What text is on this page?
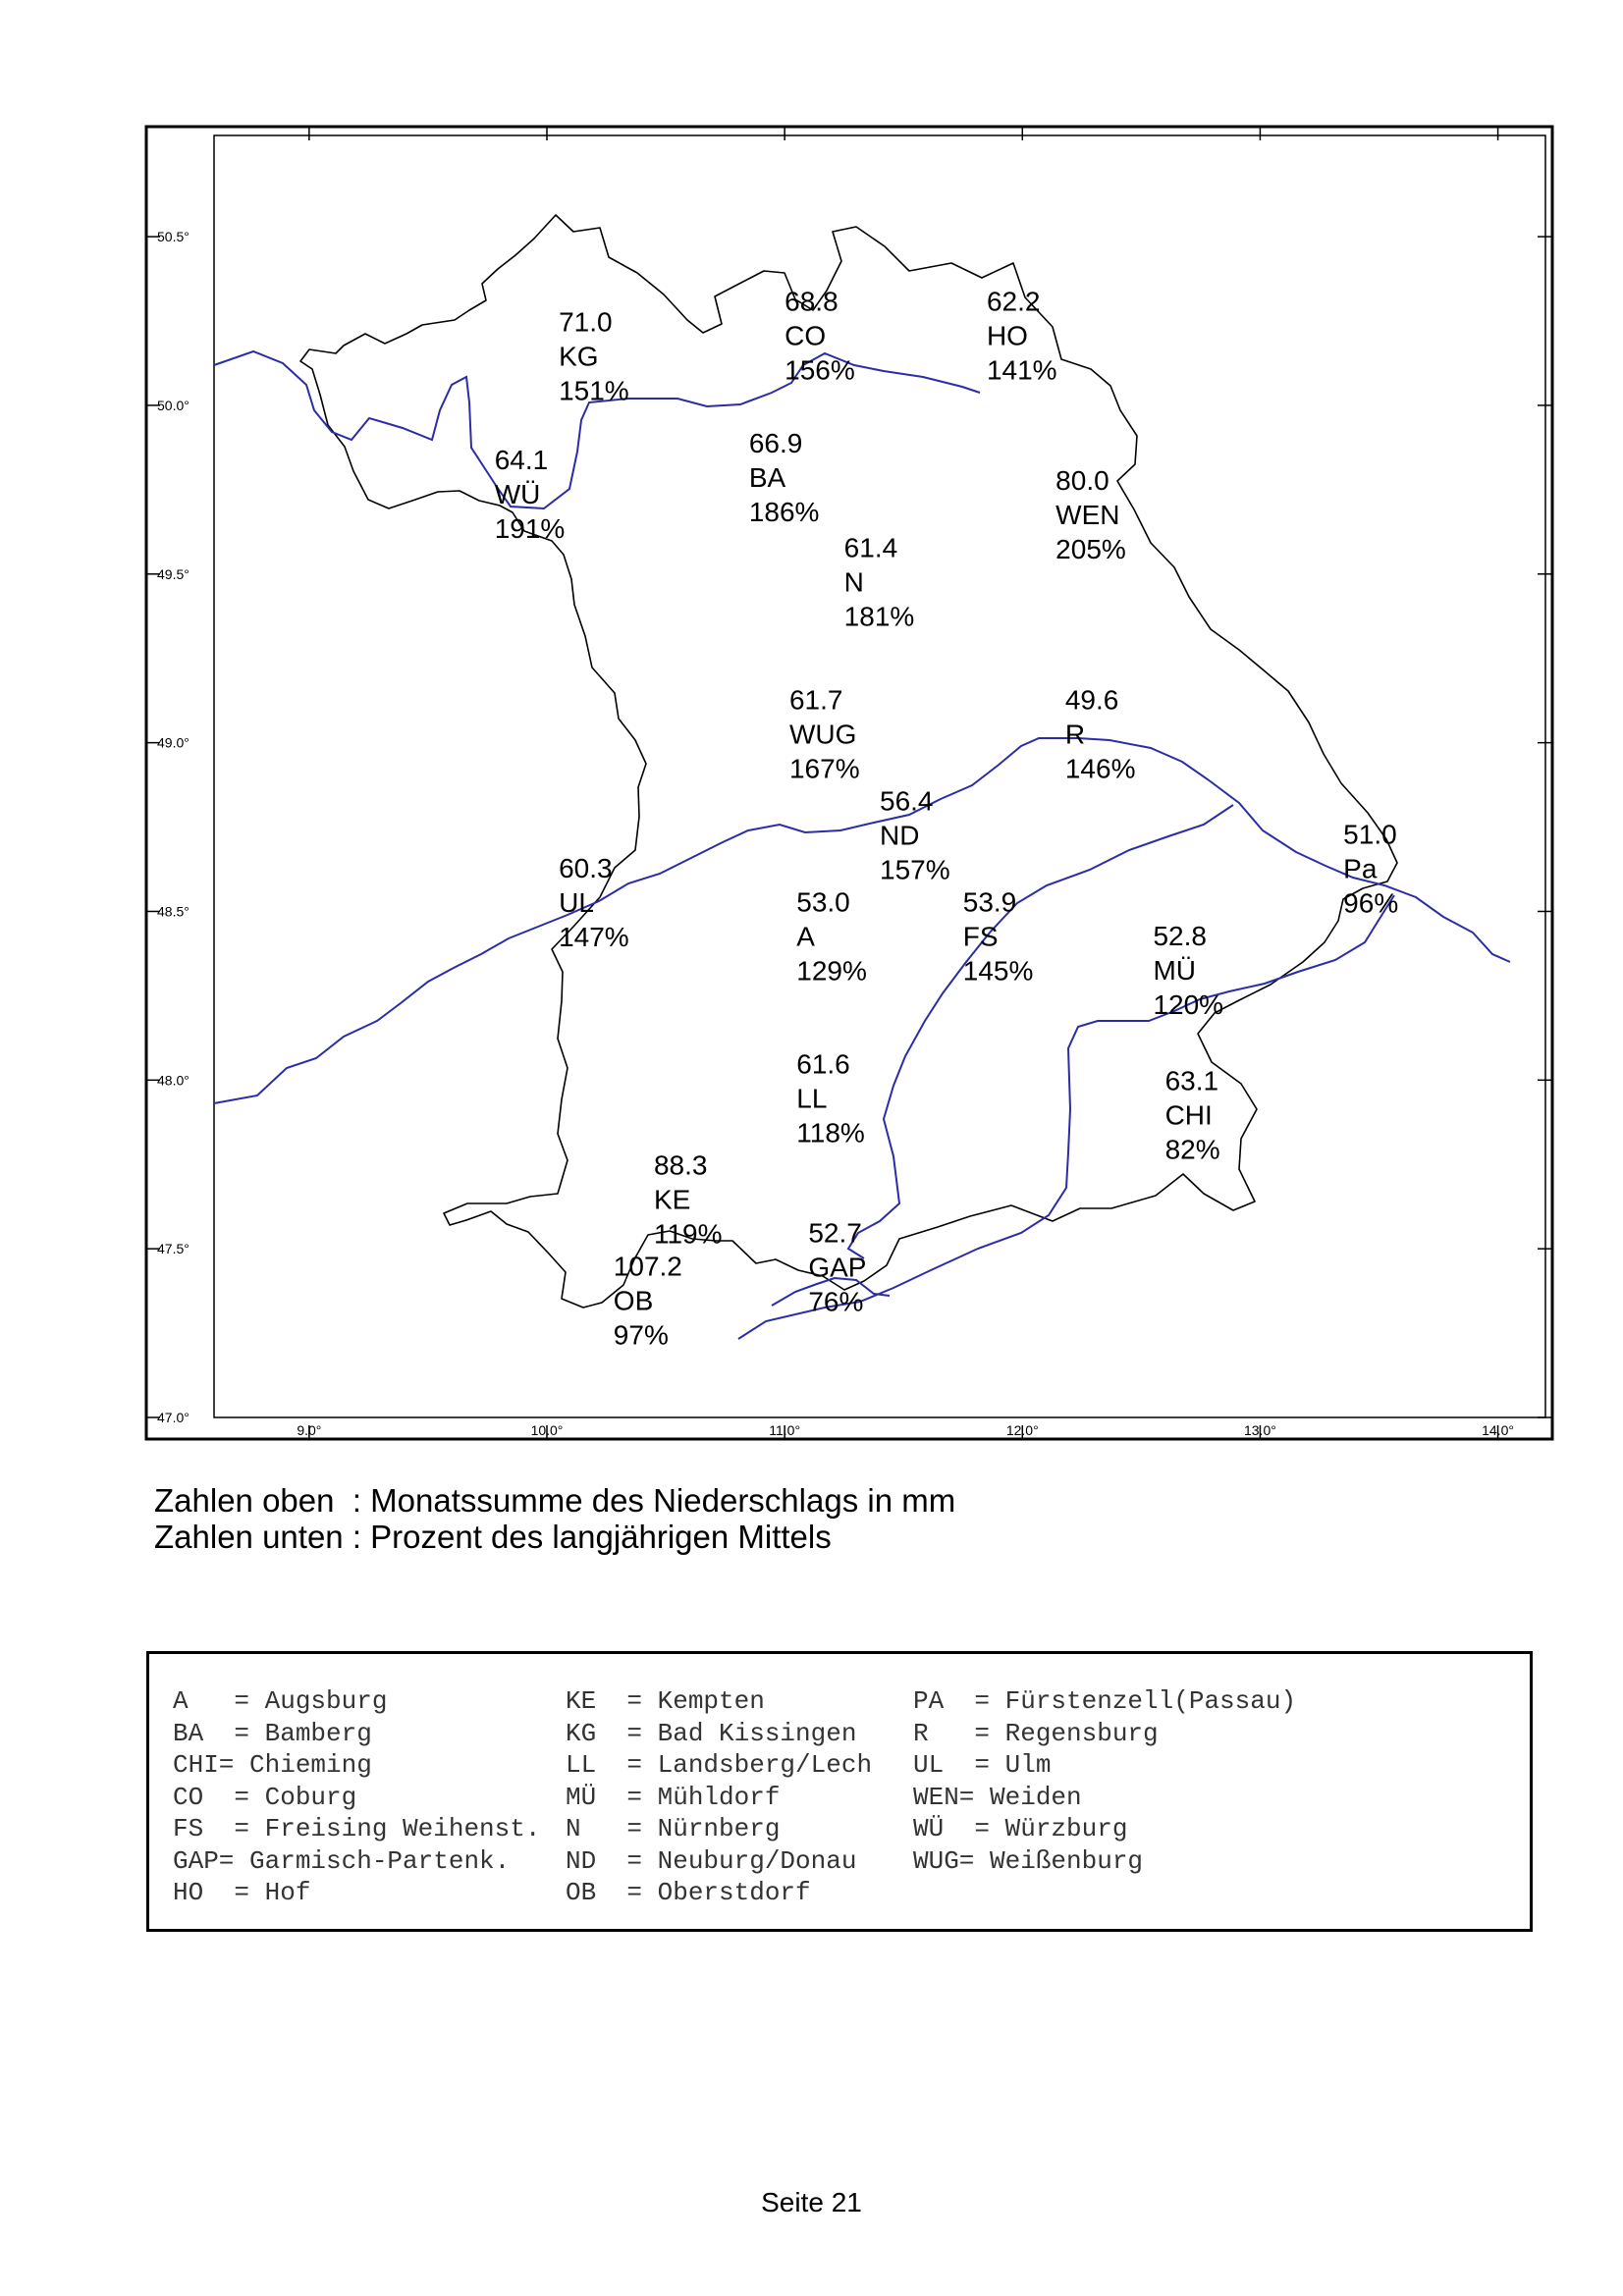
50.5°
50.0°
49.5°
49.0°
48.5°
48.0°
47.5°
47.0°
9.0°	10.0°	11.0°	12.0°	13.0°	14.0°
71.0
KG
151%
68.8
CO
156%
62.2
HO
141%
66.9
BA
186%
64.1
WÜ
191%
80.0
WEN
205%
61.4
N
181%
61.7
WUG
167%
49.6
R
146%
56.4
ND
157%
51.0
Pa
96%
60.3
UL
147%
53.0
A
129%
53.9
FS
145%
52.8
MÜ
120%
61.6
LL
118%
63.1
CHI
82%
88.3
KE
119%	52.7
GAP
76%
107.2
OB
97%
Zahlen oben  : Monatssumme des Niederschlags in mm
Zahlen unten : Prozent des langjährigen Mittels
A   = Augsburg
BA  = Bamberg
CHI= Chieming
CO  = Coburg
FS  = Freising Weihenst.
GAP= Garmisch-Partenk.
HO  = Hof
KE  = Kempten
KG  = Bad Kissingen
LL  = Landsberg/Lech
MÜ  = Mühldorf
N   = Nürnberg
ND  = Neuburg/Donau
OB  = Oberstdorf
PA  = Fürstenzell(Passau)
R   = Regensburg
UL  = Ulm
WEN= Weiden
WÜ  = Würzburg
WUG= Weißenburg
Seite 21
